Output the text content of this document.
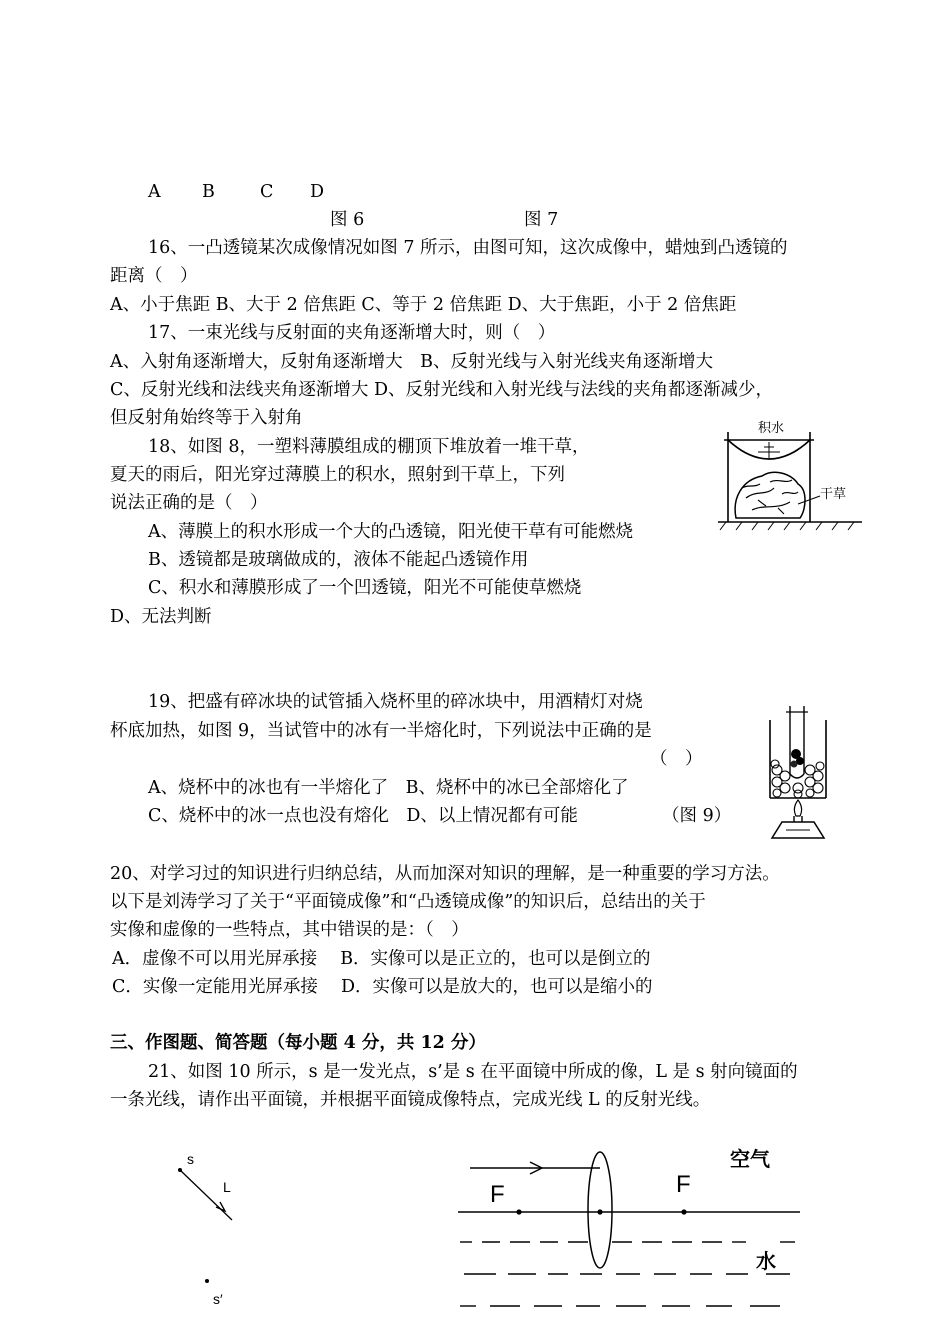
A B	C D
图 6	图 7
16、一凸透镜某次成像情况如图 7 所示，由图可知，这次成像中，蜡烛到凸透镜的
距离（　）
A、小于焦距 B、大于 2 倍焦距 C、等于 2 倍焦距 D、大于焦距，小于 2 倍焦距
17、一束光线与反射面的夹角逐渐增大时，则（　）
A、入射角逐渐增大，反射角逐渐增大　B、反射光线与入射光线夹角逐渐增大
C、反射光线和法线夹角逐渐增大 D、反射光线和入射光线与法线的夹角都逐渐减少，
但反射角始终等于入射角
18、如图 8，一塑料薄膜组成的棚顶下堆放着一堆干草，
夏天的雨后，阳光穿过薄膜上的积水，照射到干草上，下列
说法正确的是（　）
A、薄膜上的积水形成一个大的凸透镜，阳光使干草有可能燃烧
B、透镜都是玻璃做成的，液体不能起凸透镜作用
C、积水和薄膜形成了一个凹透镜，阳光不可能使草燃烧
D、无法判断
积水
干草
19、把盛有碎冰块的试管插入烧杯里的碎冰块中，用酒精灯对烧
杯底加热，如图 9，当试管中的冰有一半熔化时，下列说法中正确的是
（　）
A、烧杯中的冰也有一半熔化了　B、烧杯中的冰已全部熔化了
C、烧杯中的冰一点也没有熔化　D、以上情况都有可能	（图 9）
20、对学习过的知识进行归纳总结，从而加深对知识的理解，是一种重要的学习方法。
以下是刘涛学习了关于“平面镜成像”和“凸透镜成像”的知识后，总结出的关于
实像和虚像的一些特点，其中错误的是：（　）
A．虚像不可以用光屏承接　 B．实像可以是正立的，也可以是倒立的
C．实像一定能用光屏承接　 D．实像可以是放大的，也可以是缩小的
三、作图题、简答题（每小题 4 分，共 12 分）
21、如图 10 所示，s 是一发光点，s’是 s 在平面镜中所成的像，L 是 s 射向镜面的
一条光线，请作出平面镜，并根据平面镜成像特点，完成光线 L 的反射光线。
s
L
s′
F	F
空气
水
